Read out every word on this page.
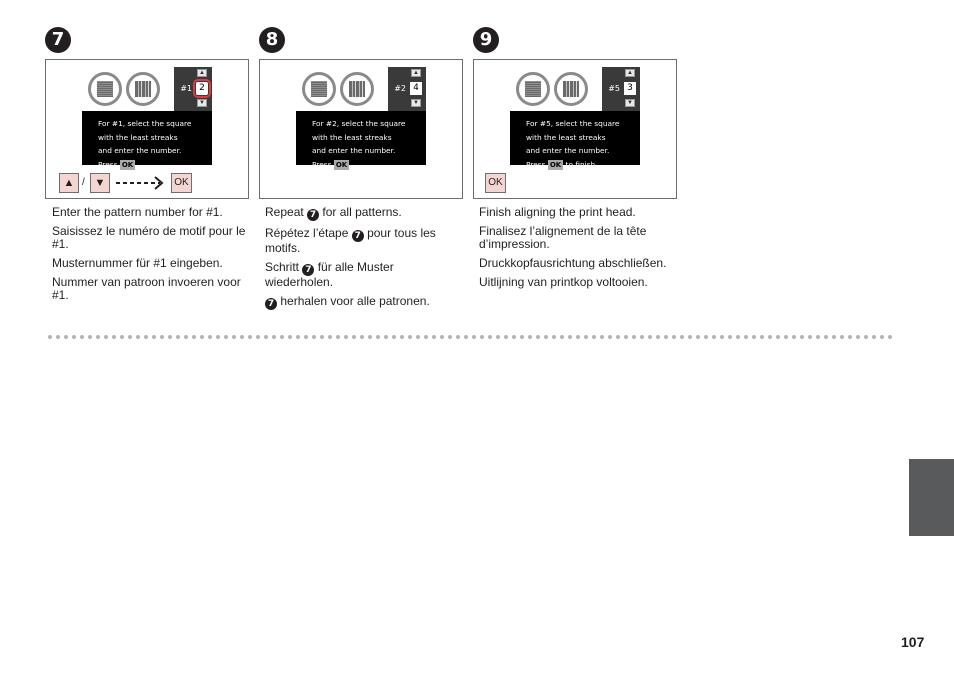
7
▲
2
▼
#1
For #1, select the square
with the least streaks
and enter the number.
Press OK .
▲ / ▼	OK

Enter the pattern number for #1.

Saisissez le numéro de motif pour le #1.

Musternummer für #1 eingeben.

Nummer van patroon invoeren voor #1.

8
▲
4
▼
#2
For #2, select the square
with the least streaks
and enter the number.
Press OK .

Repeat 7 for all patterns.

Répétez l’étape 7 pour tous les motifs.

Schritt 7 für alle Muster wiederholen.

7 herhalen voor alle patronen.

9
▲
3
▼
#5
For #5, select the square
with the least streaks
and enter the number.
Press OK to finish.
OK

Finish aligning the print head.

Finalisez l’alignement de la tête d’impression.

Druckkopfausrichtung abschließen.

Uitlijning van printkop voltooien.

107
